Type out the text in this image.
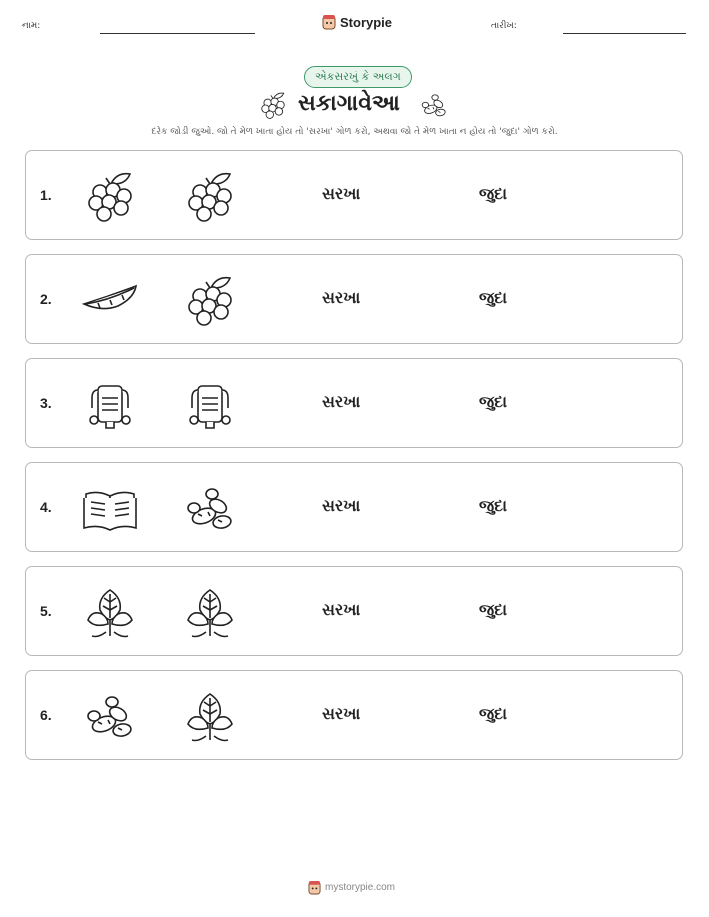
નામ:	Storypie	તારીખ:
એકસરખું કે અલગ
સકાગાવેઆ
દરેક જોડી જુઓ. જો તે મેળ ખાતા હોય તો 'સરખા' ગોળ કરો, અથવા જો તે મેળ ખાતા ન હોય તો 'જુદા' ગોળ કરો.
1.	સરખા	જુદા
2.	સરખા	જુદા
3.	સરખા	જુદા
4.	સરખા	જુદા
5.	સરખા	જુદા
6.	સરખા	જુદા
mystorypie.com
